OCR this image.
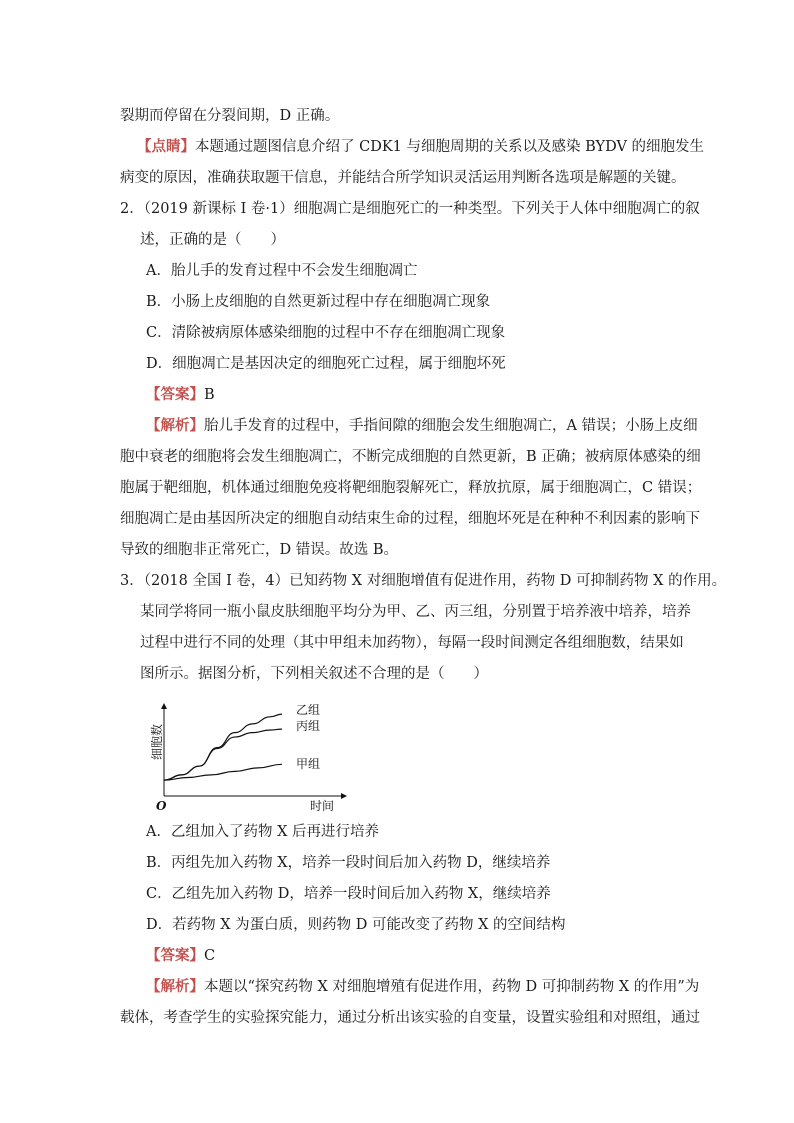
裂期而停留在分裂间期，D 正确。
【点睛】本题通过题图信息介绍了 CDK1 与细胞周期的关系以及感染 BYDV 的细胞发生
病变的原因，准确获取题干信息，并能结合所学知识灵活运用判断各选项是解题的关键。
2．（2019 新课标 I 卷·1）细胞凋亡是细胞死亡的一种类型。下列关于人体中细胞凋亡的叙
述，正确的是（　　）
A．胎儿手的发育过程中不会发生细胞凋亡
B．小肠上皮细胞的自然更新过程中存在细胞凋亡现象
C．清除被病原体感染细胞的过程中不存在细胞凋亡现象
D．细胞凋亡是基因决定的细胞死亡过程，属于细胞坏死
【答案】B
【解析】胎儿手发育的过程中，手指间隙的细胞会发生细胞凋亡，A 错误；小肠上皮细
胞中衰老的细胞将会发生细胞凋亡，不断完成细胞的自然更新，B 正确；被病原体感染的细
胞属于靶细胞，机体通过细胞免疫将靶细胞裂解死亡，释放抗原，属于细胞凋亡，C 错误；
细胞凋亡是由基因所决定的细胞自动结束生命的过程，细胞坏死是在种种不利因素的影响下
导致的细胞非正常死亡，D 错误。故选 B。
3．（2018 全国 I 卷，4）已知药物 X 对细胞增值有促进作用，药物 D 可抑制药物 X 的作用。
某同学将同一瓶小鼠皮肤细胞平均分为甲、乙、丙三组，分别置于培养液中培养，培养
过程中进行不同的处理（其中甲组未加药物），每隔一段时间测定各组细胞数，结果如
图所示。据图分析，下列相关叙述不合理的是（　　）
O	时间
细胞数
乙组
丙组
甲组
A．乙组加入了药物 X 后再进行培养
B．丙组先加入药物 X，培养一段时间后加入药物 D，继续培养
C．乙组先加入药物 D，培养一段时间后加入药物 X，继续培养
D．若药物 X 为蛋白质，则药物 D 可能改变了药物 X 的空间结构
【答案】C
【解析】本题以“探究药物 X 对细胞增殖有促进作用，药物 D 可抑制药物 X 的作用”为
载体，考查学生的实验探究能力，通过分析出该实验的自变量，设置实验组和对照组，通过
